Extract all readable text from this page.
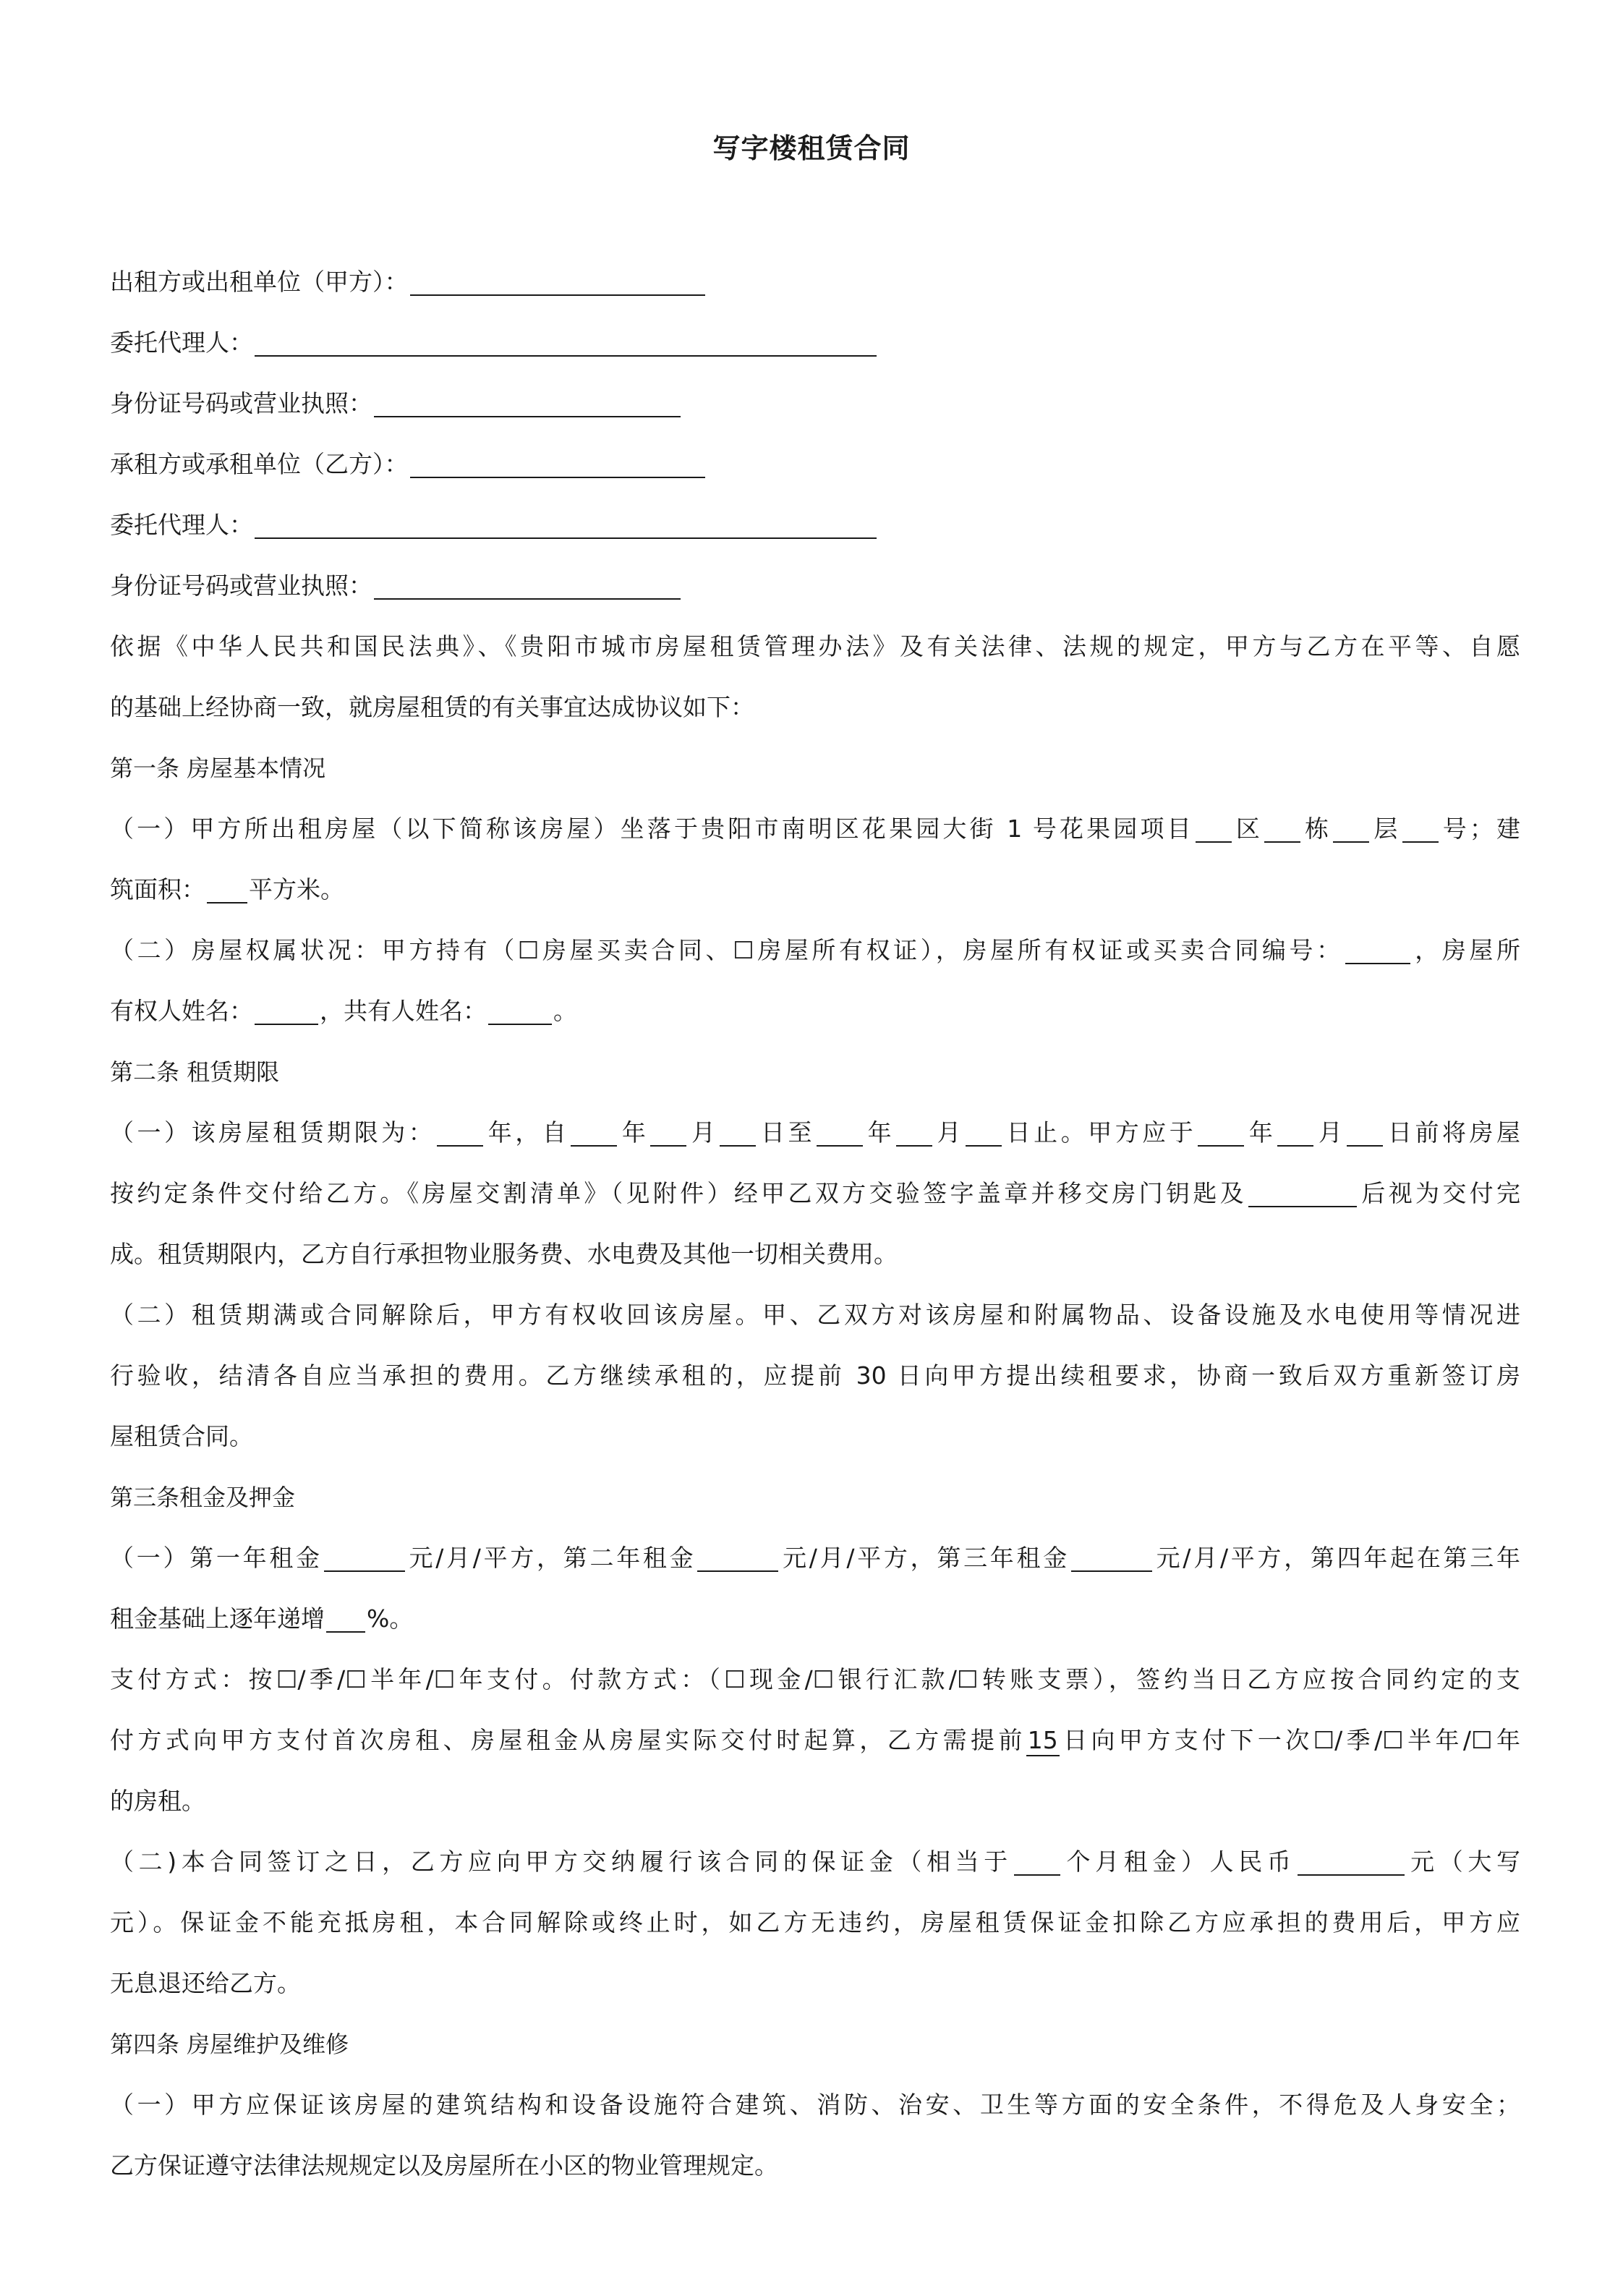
写字楼租赁合同
出租方或出租单位（甲方）：
委托代理人：
身份证号码或营业执照：
承租方或承租单位（乙方）：
委托代理人：
身份证号码或营业执照：
依据《中华人民共和国民法典》、《贵阳市城市房屋租赁管理办法》及有关法律、法规的规定，甲方与乙方在平等、自愿
的基础上经协商一致，就房屋租赁的有关事宜达成协议如下：
第一条 房屋基本情况
（一）甲方所出租房屋（以下简称该房屋）坐落于贵阳市南明区花果园大街 1 号花果园项目 区 栋 层 号；建
筑面积： 平方米。
（二）房屋权属状况：甲方持有（☐房屋买卖合同、☐房屋所有权证），房屋所有权证或买卖合同编号：	，房屋所
有权人姓名：	，共有人姓名：	。
第二条 租赁期限
（一）该房屋租赁期限为： 年，自 年 月 日至 年 月 日止。甲方应于 年 月 日前将房屋
按约定条件交付给乙方。《房屋交割清单》（见附件）经甲乙双方交验签字盖章并移交房门钥匙及	后视为交付完
成。租赁期限内，乙方自行承担物业服务费、水电费及其他一切相关费用。
（二）租赁期满或合同解除后，甲方有权收回该房屋。甲、乙双方对该房屋和附属物品、设备设施及水电使用等情况进
行验收，结清各自应当承担的费用。乙方继续承租的，应提前 30 日向甲方提出续租要求，协商一致后双方重新签订房
屋租赁合同。
第三条租金及押金
（一）第一年租金	元/月/平方，第二年租金	元/月/平方，第三年租金	元/月/平方，第四年起在第三年
租金基础上逐年递增 %。
支付方式：按☐/季/☐半年/☐年支付。付款方式：（☐现金/☐银行汇款/☐转账支票），签约当日乙方应按合同约定的支
付方式向甲方支付首次房租、房屋租金从房屋实际交付时起算，乙方需提前15日向甲方支付下一次☐/季/☐半年/☐年
的房租。
（二)本合同签订之日，乙方应向甲方交纳履行该合同的保证金（相当于 个月租金）人民币	元（大写
元）。保证金不能充抵房租，本合同解除或终止时，如乙方无违约，房屋租赁保证金扣除乙方应承担的费用后，甲方应
无息退还给乙方。
第四条 房屋维护及维修
（一）甲方应保证该房屋的建筑结构和设备设施符合建筑、消防、治安、卫生等方面的安全条件，不得危及人身安全；
乙方保证遵守法律法规规定以及房屋所在小区的物业管理规定。
